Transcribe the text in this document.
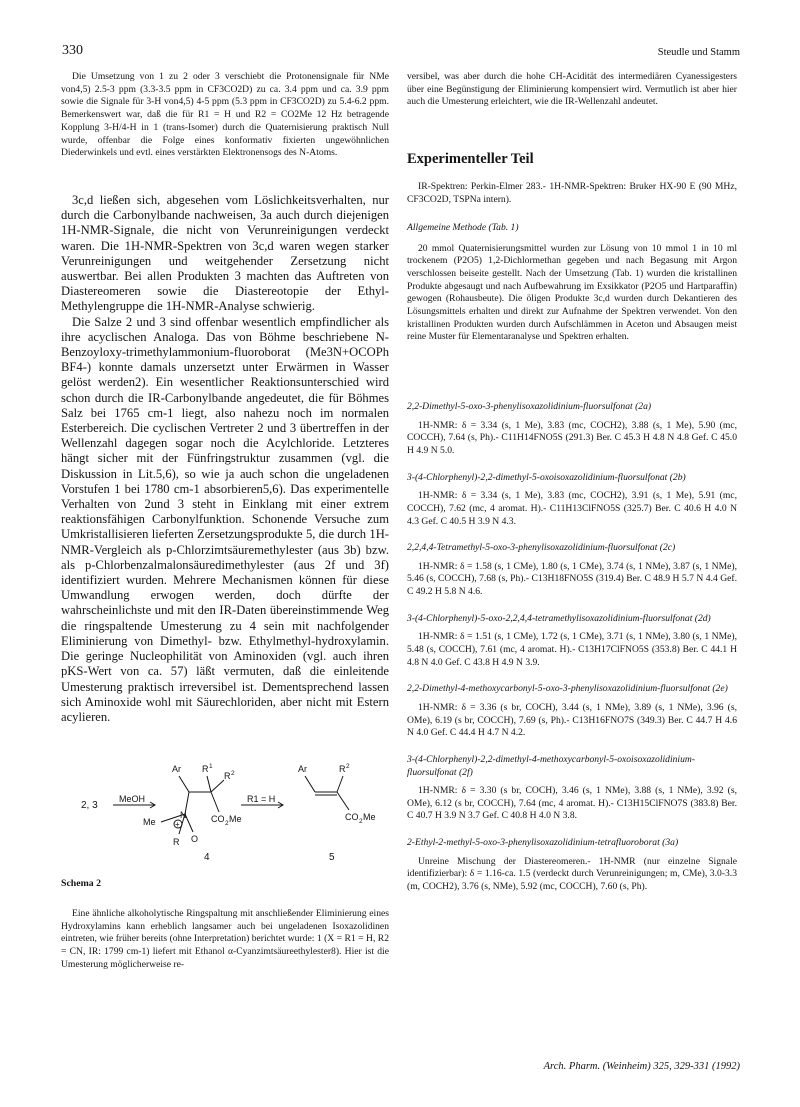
330	Steudle und Stamm

Die Umsetzung von 1 zu 2 oder 3 verschiebt die Protonensignale für NMe von4,5) 2.5-3 ppm (3.3-3.5 ppm in CF3CO2D) zu ca. 3.4 ppm und ca. 3.9 ppm sowie die Signale für 3-H von4,5) 4-5 ppm (5.3 ppm in CF3CO2D) zu 5.4-6.2 ppm. Bemerkenswert war, daß die für R1 = H und R2 = CO2Me 12 Hz betragende Kopplung 3-H/4-H in 1 (trans-Isomer) durch die Quaternisierung praktisch Null wurde, offenbar die Folge eines konformativ fixierten ungewöhnlichen Diederwinkels und evtl. eines verstärkten Elektronensogs des N-Atoms.

3c,d ließen sich, abgesehen vom Löslichkeitsverhalten, nur durch die Carbonylbande nachweisen, 3a auch durch diejenigen 1H-NMR-Signale, die nicht von Verunreinigungen verdeckt waren. Die 1H-NMR-Spektren von 3c,d waren wegen starker Verunreinigungen und weitgehender Zersetzung nicht auswertbar. Bei allen Produkten 3 machten das Auftreten von Diastereomeren sowie die Diastereotopie der Ethyl-Methylengruppe die 1H-NMR-Analyse schwierig.

Die Salze 2 und 3 sind offenbar wesentlich empfindlicher als ihre acyclischen Analoga. Das von Böhme beschriebene N-Benzoyloxy-trimethylammonium-fluoroborat (Me3N+OCOPh BF4-) konnte damals unzersetzt unter Erwärmen in Wasser gelöst werden2). Ein wesentlicher Reaktionsunterschied wird schon durch die IR-Carbonylbande angedeutet, die für Böhmes Salz bei 1765 cm-1 liegt, also nahezu noch im normalen Esterbereich. Die cyclischen Vertreter 2 und 3 übertreffen in der Wellenzahl dagegen sogar noch die Acylchloride. Letzteres hängt sicher mit der Fünfringstruktur zusammen (vgl. die Diskussion in Lit.5,6), so wie ja auch schon die ungeladenen Vorstufen 1 bei 1780 cm-1 absorbieren5,6). Das experimentelle Verhalten von 2und 3 steht in Einklang mit einer extrem reaktionsfähigen Carbonylfunktion. Schonende Versuche zum Umkristallisieren lieferten Zersetzungsprodukte 5, die durch 1H-NMR-Vergleich als p-Chlorzimtsäuremethylester (aus 3b) bzw. als p-Chlorbenzalmalonsäuredimethylester (aus 2f und 3f) identifiziert wurden. Mehrere Mechanismen können für diese Umwandlung erwogen werden, doch dürfte der wahrscheinlichste und mit den IR-Daten übereinstimmende Weg die ringspaltende Umesterung zu 4 sein mit nachfolgender Eliminierung von Dimethyl- bzw. Ethylmethyl-hydroxylamin. Die geringe Nucleophilität von Aminoxiden (vgl. auch ihren pKS-Wert von ca. 57) läßt vermuten, daß die einleitende Umesterung praktisch irreversibel ist. Dementsprechend lassen sich Aminoxide wohl mit Säurechloriden, aber nicht mit Estern acylieren.

2, 3
MeOH	R1 = H
4	5
Ar R 1
R 2
CO 2 Me
Me +
N
R O
Ar	R 2
CO 2 Me
Schema 2

Eine ähnliche alkoholytische Ringspaltung mit anschließender Eliminierung eines Hydroxylamins kann erheblich langsamer auch bei ungeladenen Isoxazolidinen eintreten, wie früher bereits (ohne Interpretation) berichtet wurde: 1 (X = R1 = H, R2 = CN, IR: 1799 cm-1) liefert mit Ethanol α-Cyanzimtsäureethylester8). Hier ist die Umesterung möglicherweise re-

versibel, was aber durch die hohe CH-Acidität des intermediären Cyanessigesters über eine Begünstigung der Eliminierung kompensiert wird. Vermutlich ist aber hier auch die Umesterung erleichtert, wie die IR-Wellenzahl andeutet.

Experimenteller Teil

IR-Spektren: Perkin-Elmer 283.- 1H-NMR-Spektren: Bruker HX-90 E (90 MHz, CF3CO2D, TSPNa intern).

Allgemeine Methode (Tab. 1)

20 mmol Quaternisierungsmittel wurden zur Lösung von 10 mmol 1 in 10 ml trockenem (P2O5) 1,2-Dichlormethan gegeben und nach Begasung mit Argon verschlossen beiseite gestellt. Nach der Umsetzung (Tab. 1) wurden die kristallinen Produkte abgesaugt und nach Aufbewahrung im Exsikkator (P2O5 und Hartparaffin) gewogen (Rohausbeute). Die öligen Produkte 3c,d wurden durch Dekantieren des Lösungsmittels erhalten und direkt zur Aufnahme der Spektren verwendet. Von den kristallinen Produkten wurden durch Aufschlämmen in Aceton und Absaugen meist reine Muster für Elementaranalyse und Spektren erhalten.

2,2-Dimethyl-5-oxo-3-phenylisoxazolidinium-fluorsulfonat (2a)

1H-NMR: δ = 3.34 (s, 1 Me), 3.83 (mc, COCH2), 3.88 (s, 1 Me), 5.90 (mc, COCCH), 7.64 (s, Ph).- C11H14FNO5S (291.3) Ber. C 45.3 H 4.8 N 4.8 Gef. C 45.0 H 4.9 N 5.0.

3-(4-Chlorphenyl)-2,2-dimethyl-5-oxoisoxazolidinium-fluorsulfonat (2b)

1H-NMR: δ = 3.34 (s, 1 Me), 3.83 (mc, COCH2), 3.91 (s, 1 Me), 5.91 (mc, COCCH), 7.62 (mc, 4 aromat. H).- C11H13ClFNO5S (325.7) Ber. C 40.6 H 4.0 N 4.3 Gef. C 40.5 H 3.9 N 4.3.

2,2,4,4-Tetramethyl-5-oxo-3-phenylisoxazolidinium-fluorsulfonat (2c)

1H-NMR: δ = 1.58 (s, 1 CMe), 1.80 (s, 1 CMe), 3.74 (s, 1 NMe), 3.87 (s, 1 NMe), 5.46 (s, COCCH), 7.68 (s, Ph).- C13H18FNO5S (319.4) Ber. C 48.9 H 5.7 N 4.4 Gef. C 49.2 H 5.8 N 4.6.

3-(4-Chlorphenyl)-5-oxo-2,2,4,4-tetramethylisoxazolidinium-fluorsulfonat (2d)

1H-NMR: δ = 1.51 (s, 1 CMe), 1.72 (s, 1 CMe), 3.71 (s, 1 NMe), 3.80 (s, 1 NMe), 5.48 (s, COCCH), 7.61 (mc, 4 aromat. H).- C13H17ClFNO5S (353.8) Ber. C 44.1 H 4.8 N 4.0 Gef. C 43.8 H 4.9 N 3.9.

2,2-Dimethyl-4-methoxycarbonyl-5-oxo-3-phenylisoxazolidinium-fluorsulfonat (2e)

1H-NMR: δ = 3.36 (s br, COCH), 3.44 (s, 1 NMe), 3.89 (s, 1 NMe), 3.96 (s, OMe), 6.19 (s br, COCCH), 7.69 (s, Ph).- C13H16FNO7S (349.3) Ber. C 44.7 H 4.6 N 4.0 Gef. C 44.4 H 4.7 N 4.2.

3-(4-Chlorphenyl)-2,2-dimethyl-4-methoxycarbonyl-5-oxoisoxazolidinium-fluorsulfonat (2f)

1H-NMR: δ = 3.30 (s br, COCH), 3.46 (s, 1 NMe), 3.88 (s, 1 NMe), 3.92 (s, OMe), 6.12 (s br, COCCH), 7.64 (mc, 4 aromat. H).- C13H15ClFNO7S (383.8) Ber. C 40.7 H 3.9 N 3.7 Gef. C 40.8 H 4.0 N 3.8.

2-Ethyl-2-methyl-5-oxo-3-phenylisoxazolidinium-tetrafluoroborat (3a)

Unreine Mischung der Diastereomeren.- 1H-NMR (nur einzelne Signale identifizierbar): δ = 1.16-ca. 1.5 (verdeckt durch Verunreinigungen; m, CMe), 3.0-3.3 (m, COCH2), 3.76 (s, NMe), 5.92 (mc, COCCH), 7.60 (s, Ph).

Arch. Pharm. (Weinheim) 325, 329-331 (1992)
